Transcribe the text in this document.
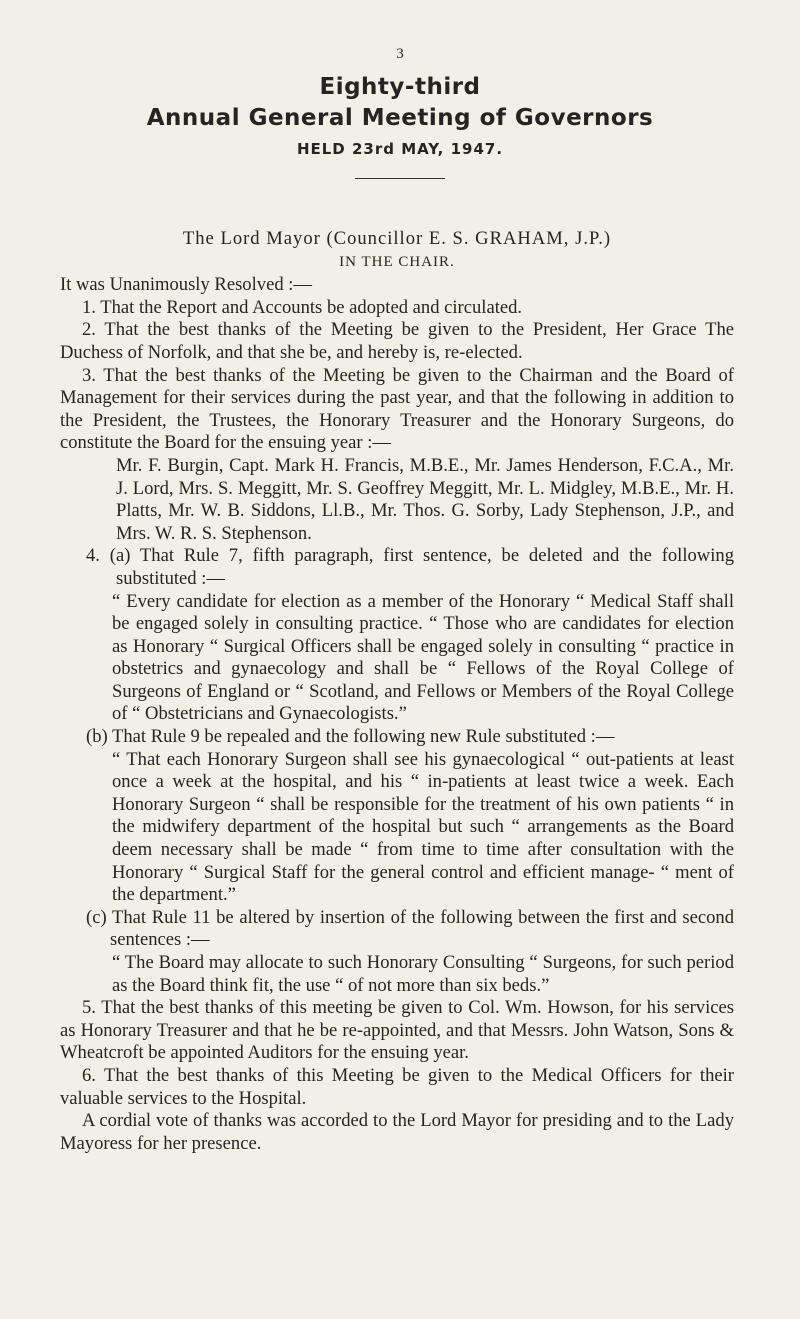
3
Eighty-third
Annual General Meeting of Governors
HELD 23rd MAY, 1947.
The Lord Mayor (Councillor E. S. GRAHAM, J.P.)
IN THE CHAIR.

It was Unanimously Resolved :—

1. That the Report and Accounts be adopted and circulated.

2. That the best thanks of the Meeting be given to the President, Her Grace The Duchess of Norfolk, and that she be, and hereby is, re-elected.

3. That the best thanks of the Meeting be given to the Chairman and the Board of Management for their services during the past year, and that the following in addition to the President, the Trustees, the Honorary Treasurer and the Honorary Surgeons, do constitute the Board for the ensuing year :—

Mr. F. Burgin, Capt. Mark H. Francis, M.B.E., Mr. James Henderson, F.C.A., Mr. J. Lord, Mrs. S. Meggitt, Mr. S. Geoffrey Meggitt, Mr. L. Midgley, M.B.E., Mr. H. Platts, Mr. W. B. Siddons, Ll.B., Mr. Thos. G. Sorby, Lady Stephenson, J.P., and Mrs. W. R. S. Stephenson.

4. (a) That Rule 7, fifth paragraph, first sentence, be deleted and the following substituted :—

“ Every candidate for election as a member of the Honorary “ Medical Staff shall be engaged solely in consulting practice. “ Those who are candidates for election as Honorary “ Surgical Officers shall be engaged solely in consulting “ practice in obstetrics and gynaecology and shall be “ Fellows of the Royal College of Surgeons of England or “ Scotland, and Fellows or Members of the Royal College of “ Obstetricians and Gynaecologists.”

(b) That Rule 9 be repealed and the following new Rule substituted :—

“ That each Honorary Surgeon shall see his gynaecological “ out-patients at least once a week at the hospital, and his “ in-patients at least twice a week. Each Honorary Surgeon “ shall be responsible for the treatment of his own patients “ in the midwifery department of the hospital but such “ arrangements as the Board deem necessary shall be made “ from time to time after consultation with the Honorary “ Surgical Staff for the general control and efficient manage- “ ment of the department.”

(c) That Rule 11 be altered by insertion of the following between the first and second sentences :—

“ The Board may allocate to such Honorary Consulting “ Surgeons, for such period as the Board think fit, the use “ of not more than six beds.”

5. That the best thanks of this meeting be given to Col. Wm. Howson, for his services as Honorary Treasurer and that he be re-appointed, and that Messrs. John Watson, Sons & Wheatcroft be appointed Auditors for the ensuing year.

6. That the best thanks of this Meeting be given to the Medical Officers for their valuable services to the Hospital.

A cordial vote of thanks was accorded to the Lord Mayor for presiding and to the Lady Mayoress for her presence.
